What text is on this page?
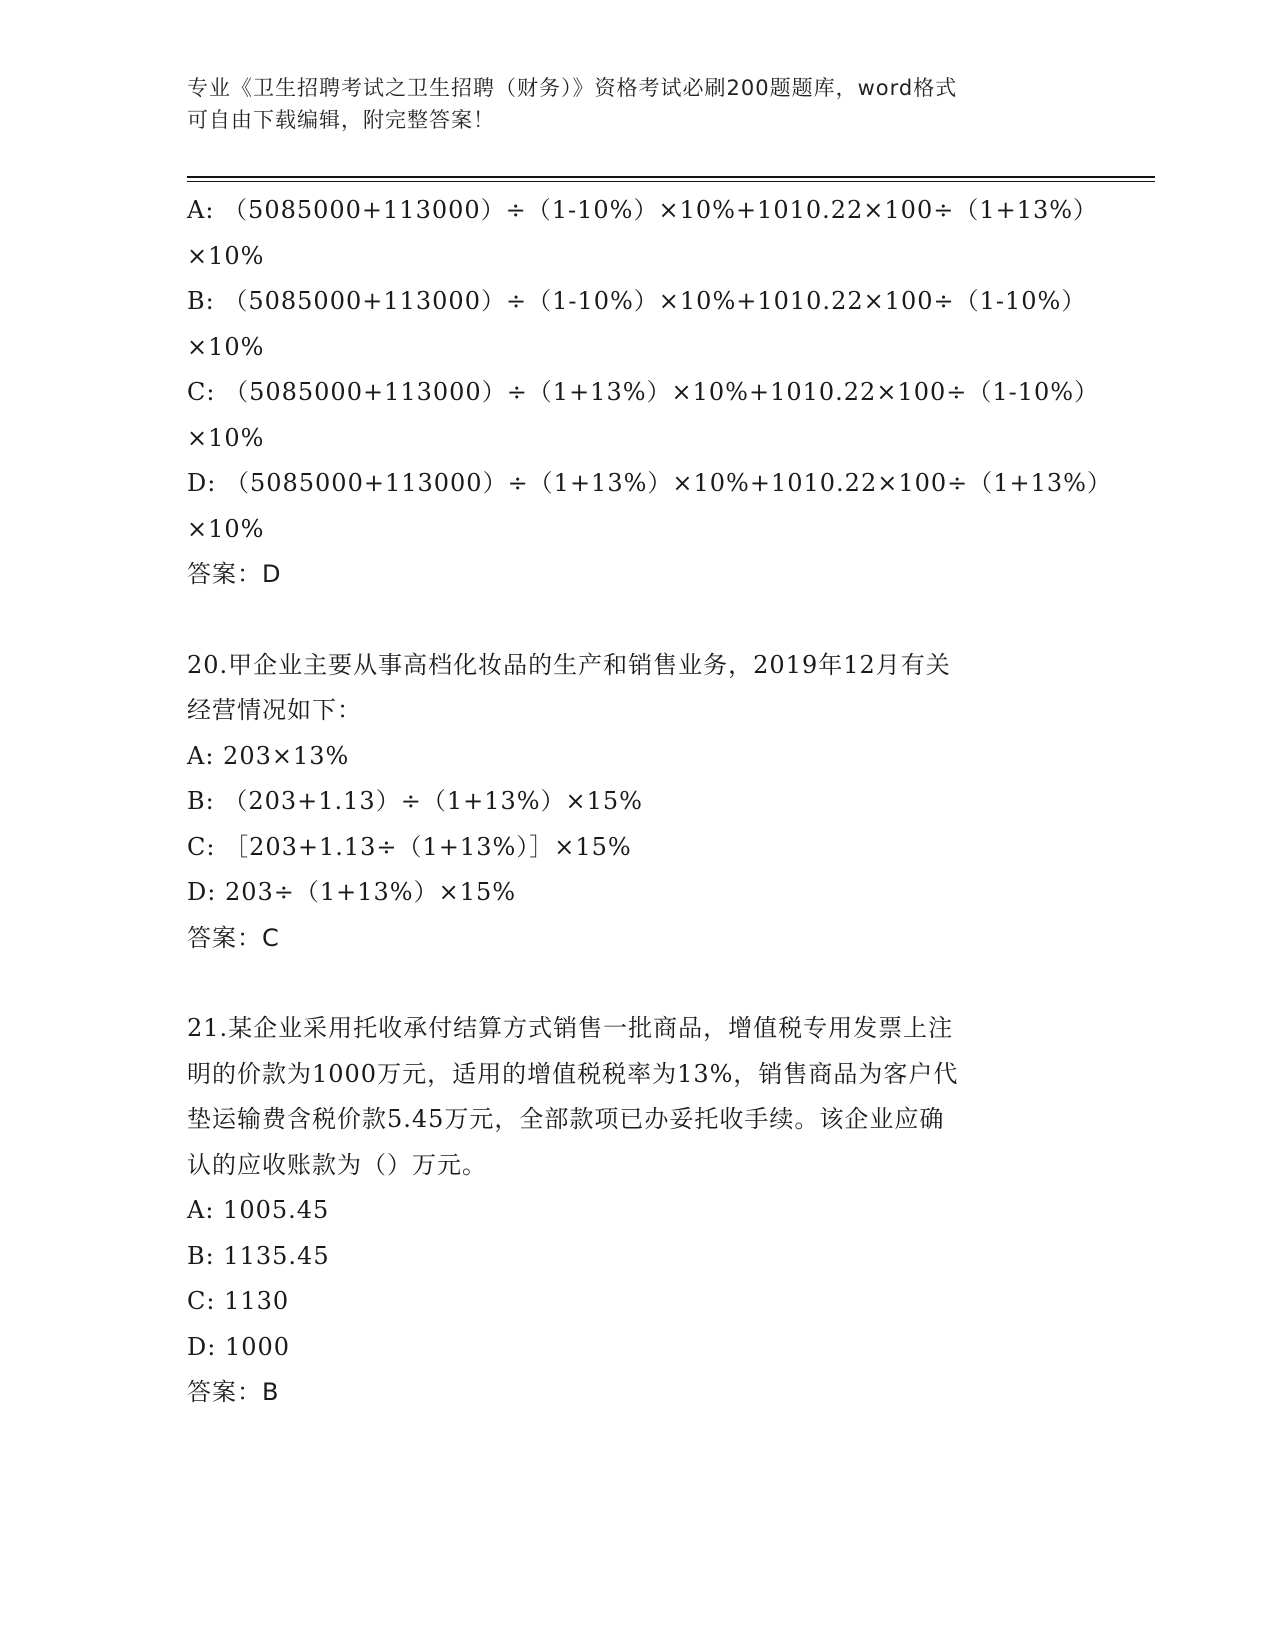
专业《卫生招聘考试之卫生招聘（财务）》资格考试必刷200题题库，word格式
可自由下载编辑，附完整答案！
A: （5085000+113000）÷（1-10%）×10%+1010.22×100÷（1+13%）
×10%
B: （5085000+113000）÷（1-10%）×10%+1010.22×100÷（1-10%）
×10%
C: （5085000+113000）÷（1+13%）×10%+1010.22×100÷（1-10%）
×10%
D: （5085000+113000）÷（1+13%）×10%+1010.22×100÷（1+13%）
×10%
答案：D
20.甲企业主要从事高档化妆品的生产和销售业务，2019年12月有关
经营情况如下：
A: 203×13%
B: （203+1.13）÷（1+13%）×15%
C: ［203+1.13÷（1+13%）］×15%
D: 203÷（1+13%）×15%
答案：C
21.某企业采用托收承付结算方式销售一批商品，增值税专用发票上注
明的价款为1000万元，适用的增值税税率为13%，销售商品为客户代
垫运输费含税价款5.45万元，全部款项已办妥托收手续。该企业应确
认的应收账款为（）万元。
A: 1005.45
B: 1135.45
C: 1130
D: 1000
答案：B
